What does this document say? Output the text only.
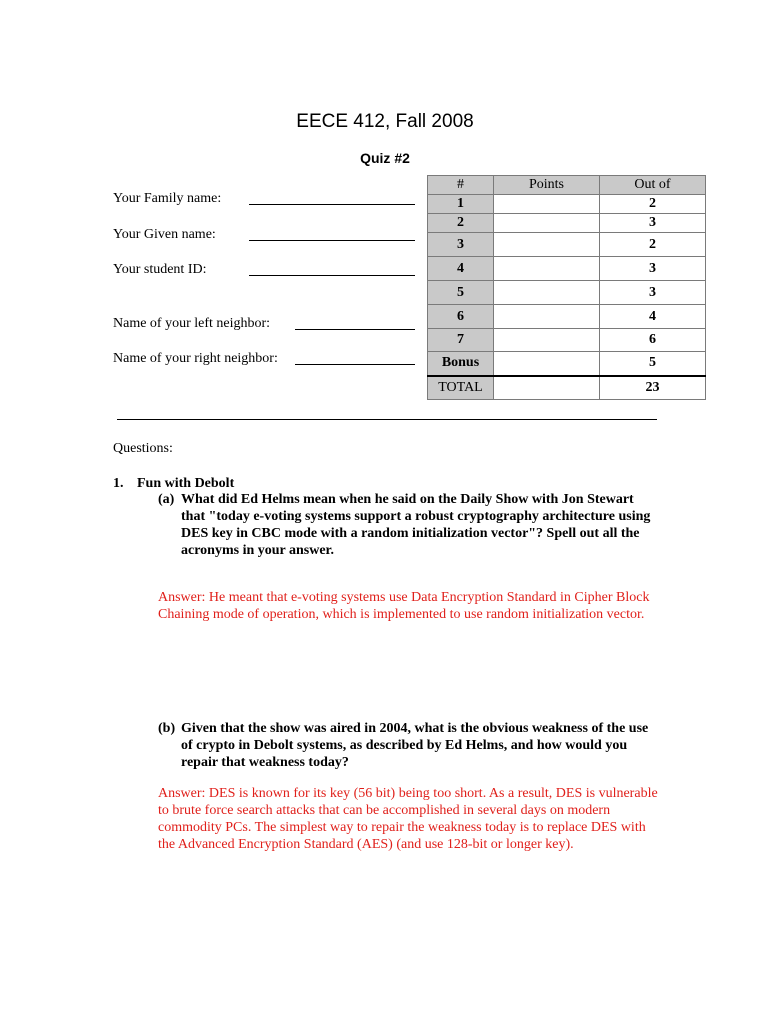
EECE 412, Fall 2008
Quiz #2
Your Family name:
Your Given name:
Your student ID:
Name of your left neighbor:
Name of your right neighbor:
#	Points	Out of
1		2
2		3
3		2
4		3
5		3
6		4
7		6
Bonus		5
TOTAL		23
Questions:
1. Fun with Debolt
(a) What did Ed Helms mean when he said on the Daily Show with Jon Stewart that "today e-voting systems support a robust cryptography architecture using DES key in CBC mode with a random initialization vector"? Spell out all the acronyms in your answer.
Answer: He meant that e-voting systems use Data Encryption Standard in Cipher Block Chaining mode of operation, which is implemented to use random initialization vector.
(b) Given that the show was aired in 2004, what is the obvious weakness of the use of crypto in Debolt systems, as described by Ed Helms, and how would you repair that weakness today?
Answer: DES is known for its key (56 bit) being too short. As a result, DES is vulnerable to brute force search attacks that can be accomplished in several days on modern commodity PCs. The simplest way to repair the weakness today is to replace DES with the Advanced Encryption Standard (AES) (and use 128-bit or longer key).
